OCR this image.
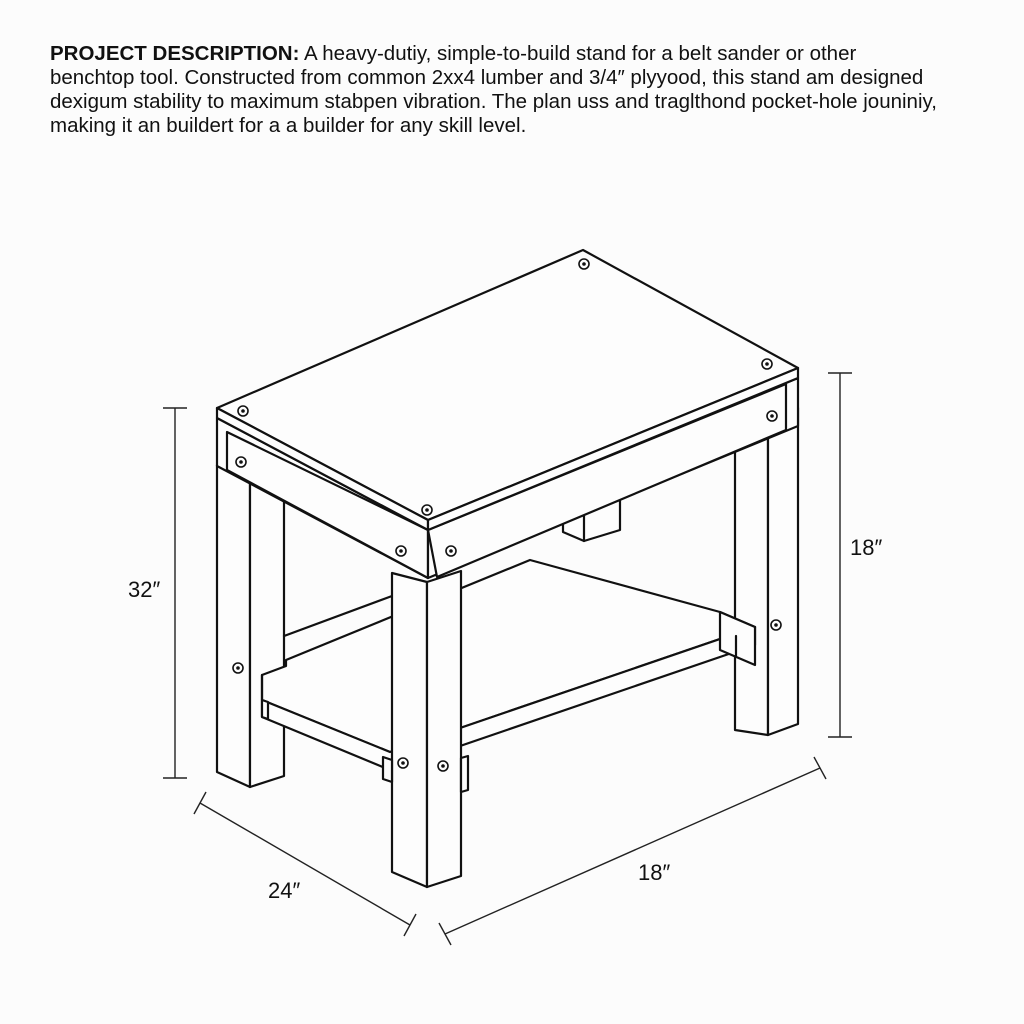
PROJECT DESCRIPTION: A heavy-dutiy, simple-to-build stand for a belt sander or other
benchtop tool. Constructed from common 2xx4 lumber and 3/4″ plyyood, this stand am designed
dexigum stability to maximum stabpen vibration. The plan uss and traglthond pocket-hole jouniniy,
making it an buildert for a a builder for any skill level.

32″
18″
24″
18″
